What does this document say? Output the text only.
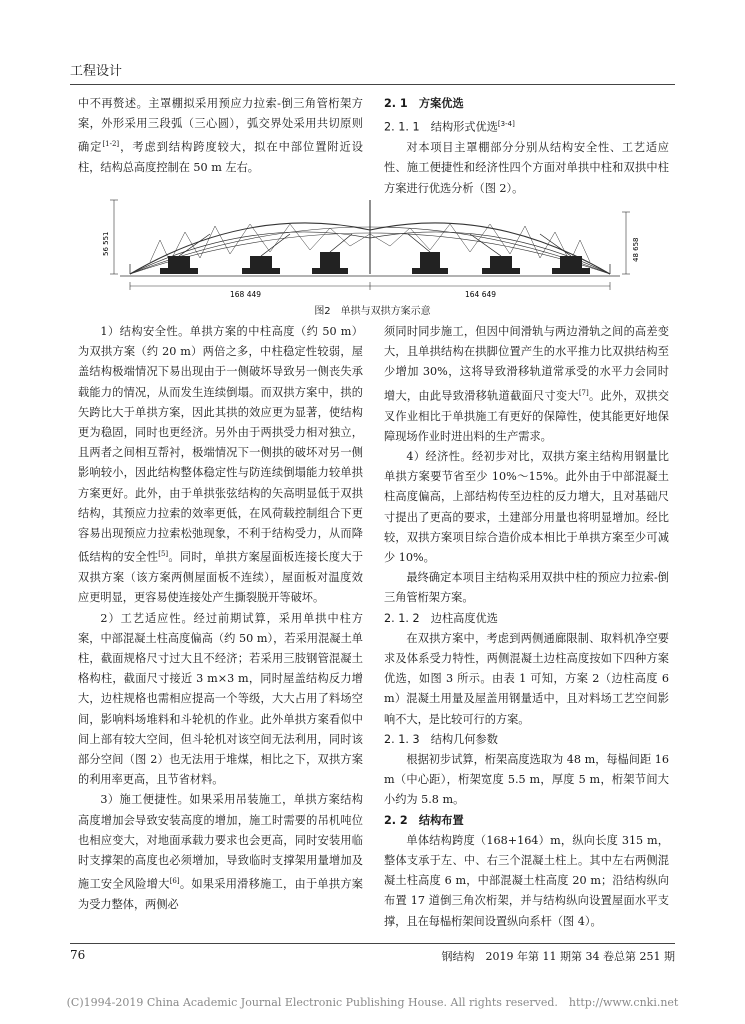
工程设计

中不再赘述。主罩棚拟采用预应力拉索-倒三角管桁架方案，外形采用三段弧（三心圆），弧交界处采用共切原则确定[1-2]，考虑到结构跨度较大，拟在中部位置附近设柱，结构总高度控制在 50 m 左右。

2. 1　方案优选

2. 1. 1　结构形式优选[3-4]

对本项目主罩棚部分分别从结构安全性、工艺适应性、施工便捷性和经济性四个方面对单拱中柱和双拱中柱方案进行优选分析（图 2）。

56 551	48 658
168 449	164 649
图2　单拱与双拱方案示意

1）结构安全性。单拱方案的中柱高度（约 50 m）为双拱方案（约 20 m）两倍之多，中柱稳定性较弱，屋盖结构极端情况下易出现由于一侧破坏导致另一侧丧失承载能力的情况，从而发生连续倒塌。而双拱方案中，拱的矢跨比大于单拱方案，因此其拱的效应更为显著，使结构更为稳固，同时也更经济。另外由于两拱受力相对独立，且两者之间相互帮衬，极端情况下一侧拱的破坏对另一侧影响较小，因此结构整体稳定性与防连续倒塌能力较单拱方案更好。此外，由于单拱张弦结构的矢高明显低于双拱结构，其预应力拉索的效率更低，在风荷载控制组合下更容易出现预应力拉索松弛现象，不利于结构受力，从而降低结构的安全性[5]。同时，单拱方案屋面板连接长度大于双拱方案（该方案两侧屋面板不连续），屋面板对温度效应更明显，更容易使连接处产生撕裂脱开等破坏。

2）工艺适应性。经过前期试算，采用单拱中柱方案，中部混凝土柱高度偏高（约 50 m），若采用混凝土单柱，截面规格尺寸过大且不经济；若采用三肢钢管混凝土格构柱，截面尺寸接近 3 m×3 m，同时屋盖结构反力增大，边柱规格也需相应提高一个等级，大大占用了料场空间，影响料场堆料和斗轮机的作业。此外单拱方案看似中间上部有较大空间，但斗轮机对该空间无法利用，同时该部分空间（图 2）也无法用于堆煤，相比之下，双拱方案的利用率更高，且节省材料。

3）施工便捷性。如果采用吊装施工，单拱方案结构高度增加会导致安装高度的增加，施工时需要的吊机吨位也相应变大，对地面承载力要求也会更高，同时安装用临时支撑架的高度也必须增加，导致临时支撑架用量增加及施工安全风险增大[6]。如果采用滑移施工，由于单拱方案为受力整体，两侧必

须同时同步施工，但因中间滑轨与两边滑轨之间的高差变大，且单拱结构在拱脚位置产生的水平推力比双拱结构至少增加 30%，这将导致滑移轨道常承受的水平力会同时增大，由此导致滑移轨道截面尺寸变大[7]。此外，双拱交叉作业相比于单拱施工有更好的保障性，使其能更好地保障现场作业时进出料的生产需求。

4）经济性。经初步对比，双拱方案主结构用钢量比单拱方案要节省至少 10%～15%。此外由于中部混凝土柱高度偏高，上部结构传至边柱的反力增大，且对基础尺寸提出了更高的要求，土建部分用量也将明显增加。经比较，双拱方案项目综合造价成本相比于单拱方案至少可减少 10%。

最终确定本项目主结构采用双拱中柱的预应力拉索-倒三角管桁架方案。

2. 1. 2　边柱高度优选

在双拱方案中，考虑到两侧通廊限制、取料机净空要求及体系受力特性，两侧混凝土边柱高度按如下四种方案优选，如图 3 所示。由表 1 可知，方案 2（边柱高度 6 m）混凝土用量及屋盖用钢量适中，且对料场工艺空间影响不大，是比较可行的方案。

2. 1. 3　结构几何参数

根据初步试算，桁架高度选取为 48 m，每榀间距 16 m（中心距），桁架宽度 5.5 m，厚度 5 m，桁架节间大小约为 5.8 m。

2. 2　结构布置

单体结构跨度（168+164）m，纵向长度 315 m，整体支承于左、中、右三个混凝土柱上。其中左右两侧混凝土柱高度 6 m，中部混凝土柱高度 20 m；沿结构纵向布置 17 道倒三角次桁架，并与结构纵向设置屋面水平支撑，且在每榀桁架间设置纵向系杆（图 4）。

76	钢结构　2019 年第 11 期第 34 卷总第 251 期
(C)1994-2019 China Academic Journal Electronic Publishing House. All rights reserved.　http://www.cnki.net
